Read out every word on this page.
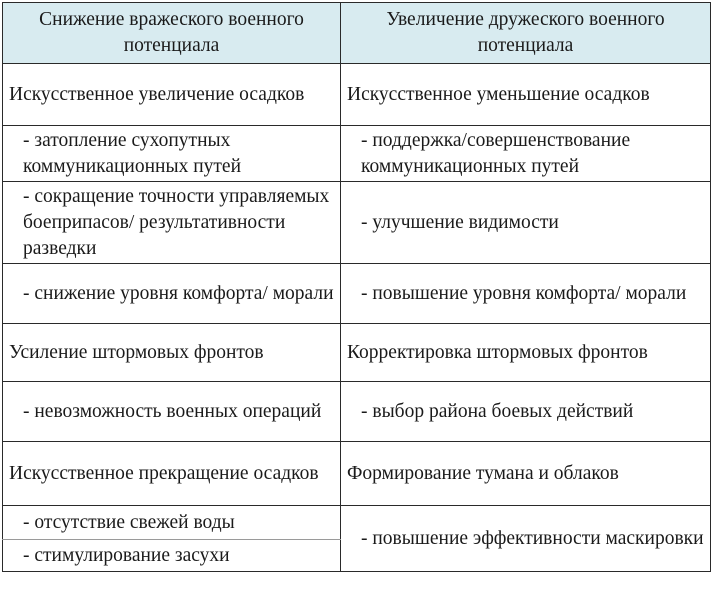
Снижение вражеского военного потенциала	Увеличение дружеского военного потенциала
Искусственное увеличение осадков	Искусственное уменьшение осадков
- затопление сухопутных коммуникационных путей	- поддержка/совершенствование коммуникационных путей
- сокращение точности управляемых боеприпасов/ результативности разведки	- улучшение видимости
- снижение уровня комфорта/ морали	- повышение уровня комфорта/ морали
Усиление штормовых фронтов	Корректировка штормовых фронтов
- невозможность военных операций	- выбор района боевых действий
Искусственное прекращение осадков	Формирование тумана и облаков
- отсутствие свежей воды	- повышение эффективности маскировки
- стимулирование засухи	
